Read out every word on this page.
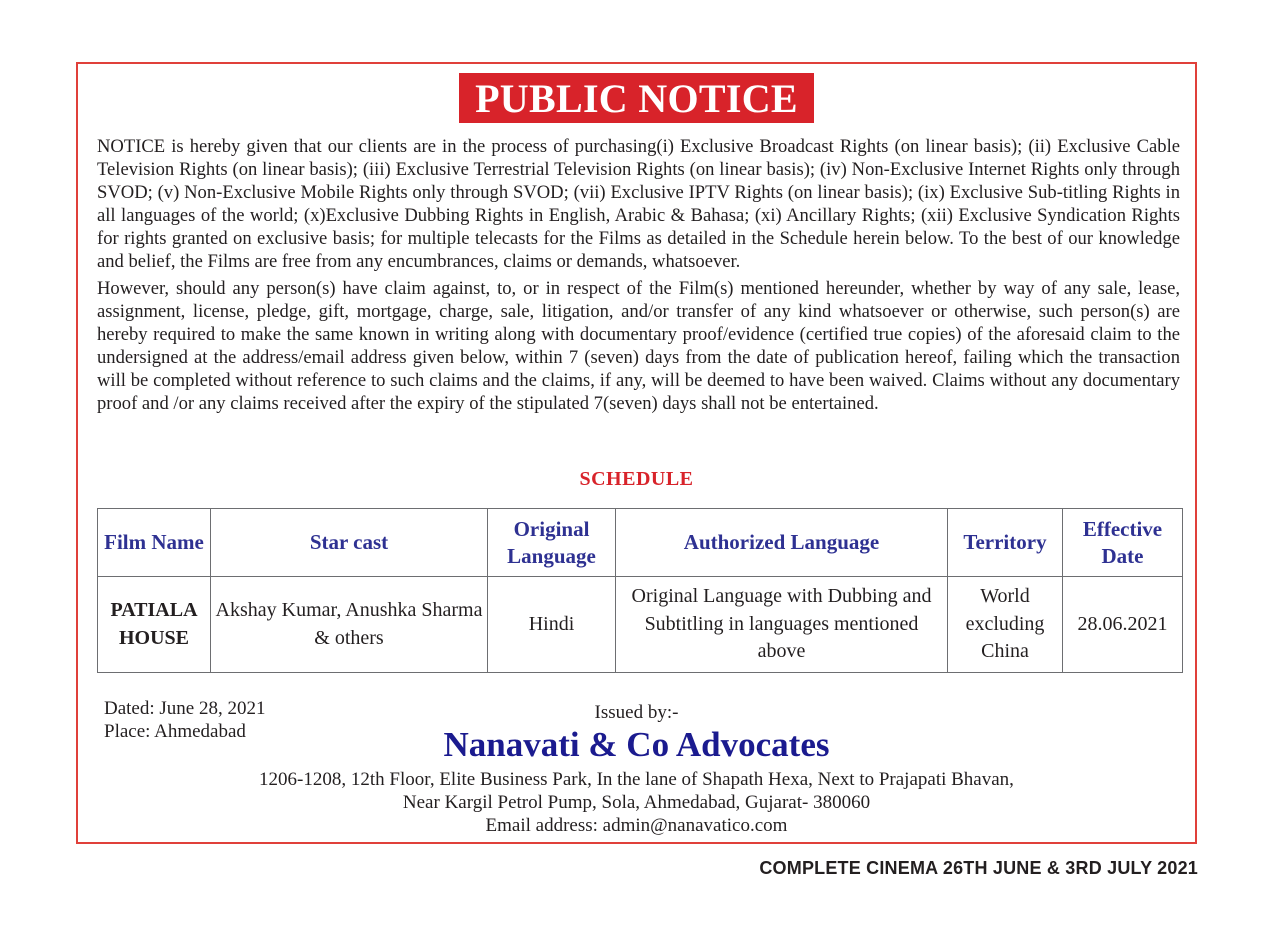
PUBLIC NOTICE

NOTICE is hereby given that our clients are in the process of purchasing(i) Exclusive Broadcast Rights (on linear basis); (ii) Exclusive Cable Television Rights (on linear basis); (iii) Exclusive Terrestrial Television Rights (on linear basis); (iv) Non-Exclusive Internet Rights only through SVOD; (v) Non-Exclusive Mobile Rights only through SVOD; (vii) Exclusive IPTV Rights (on linear basis); (ix) Exclusive Sub-titling Rights in all languages of the world; (x)Exclusive Dubbing Rights in English, Arabic & Bahasa; (xi) Ancillary Rights; (xii) Exclusive Syndication Rights for rights granted on exclusive basis; for multiple telecasts for the Films as detailed in the Schedule herein below. To the best of our knowledge and belief, the Films are free from any encumbrances, claims or demands, whatsoever.

However, should any person(s) have claim against, to, or in respect of the Film(s) mentioned hereunder, whether by way of any sale, lease, assignment, license, pledge, gift, mortgage, charge, sale, litigation, and/or transfer of any kind whatsoever or otherwise, such person(s) are hereby required to make the same known in writing along with documentary proof/evidence (certified true copies) of the aforesaid claim to the undersigned at the address/email address given below, within 7 (seven) days from the date of publication hereof, failing which the transaction will be completed without reference to such claims and the claims, if any, will be deemed to have been waived. Claims without any documentary proof and /or any claims received after the expiry of the stipulated 7(seven) days shall not be entertained.

SCHEDULE
Film Name	Star cast	Original Language	Authorized Language	Territory	Effective Date
PATIALA HOUSE	Akshay Kumar, Anushka Sharma & others	Hindi	Original Language with Dubbing and Subtitling in languages mentioned above	World excluding China	28.06.2021
Dated: June 28, 2021
Place: Ahmedabad
Issued by:-
Nanavati & Co Advocates
1206-1208, 12th Floor, Elite Business Park, In the lane of Shapath Hexa, Next to Prajapati Bhavan,
Near Kargil Petrol Pump, Sola, Ahmedabad, Gujarat- 380060
Email address: admin@nanavatico.com
COMPLETE CINEMA 26TH JUNE & 3RD JULY 2021
